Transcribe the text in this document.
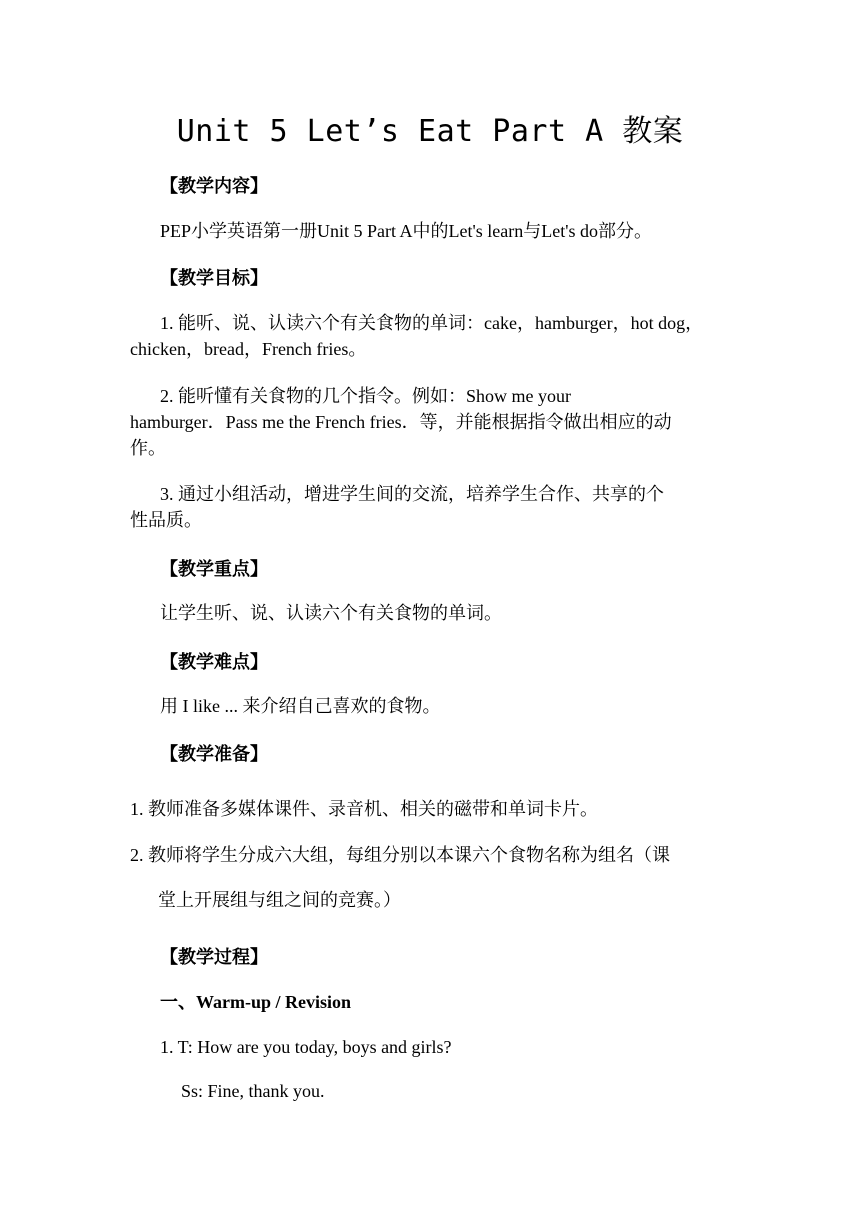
Unit 5 Let’s Eat Part A 教案
【教学内容】
PEP小学英语第一册Unit 5 Part A中的Let's learn与Let's do部分。
【教学目标】
1. 能听、说、认读六个有关食物的单词：cake，hamburger，hot dog，
chicken，bread，French fries。
2. 能听懂有关食物的几个指令。例如：Show me your
hamburger．Pass me the French fries．等，并能根据指令做出相应的动
作。
3. 通过小组活动，增进学生间的交流，培养学生合作、共享的个
性品质。
【教学重点】
让学生听、说、认读六个有关食物的单词。
【教学难点】
用 I like ... 来介绍自己喜欢的食物。
【教学准备】
1. 教师准备多媒体课件、录音机、相关的磁带和单词卡片。
2. 教师将学生分成六大组，每组分别以本课六个食物名称为组名（课
堂上开展组与组之间的竞赛。）
【教学过程】
一、Warm-up / Revision
1. T: How are you today, boys and girls?
Ss: Fine, thank you.
